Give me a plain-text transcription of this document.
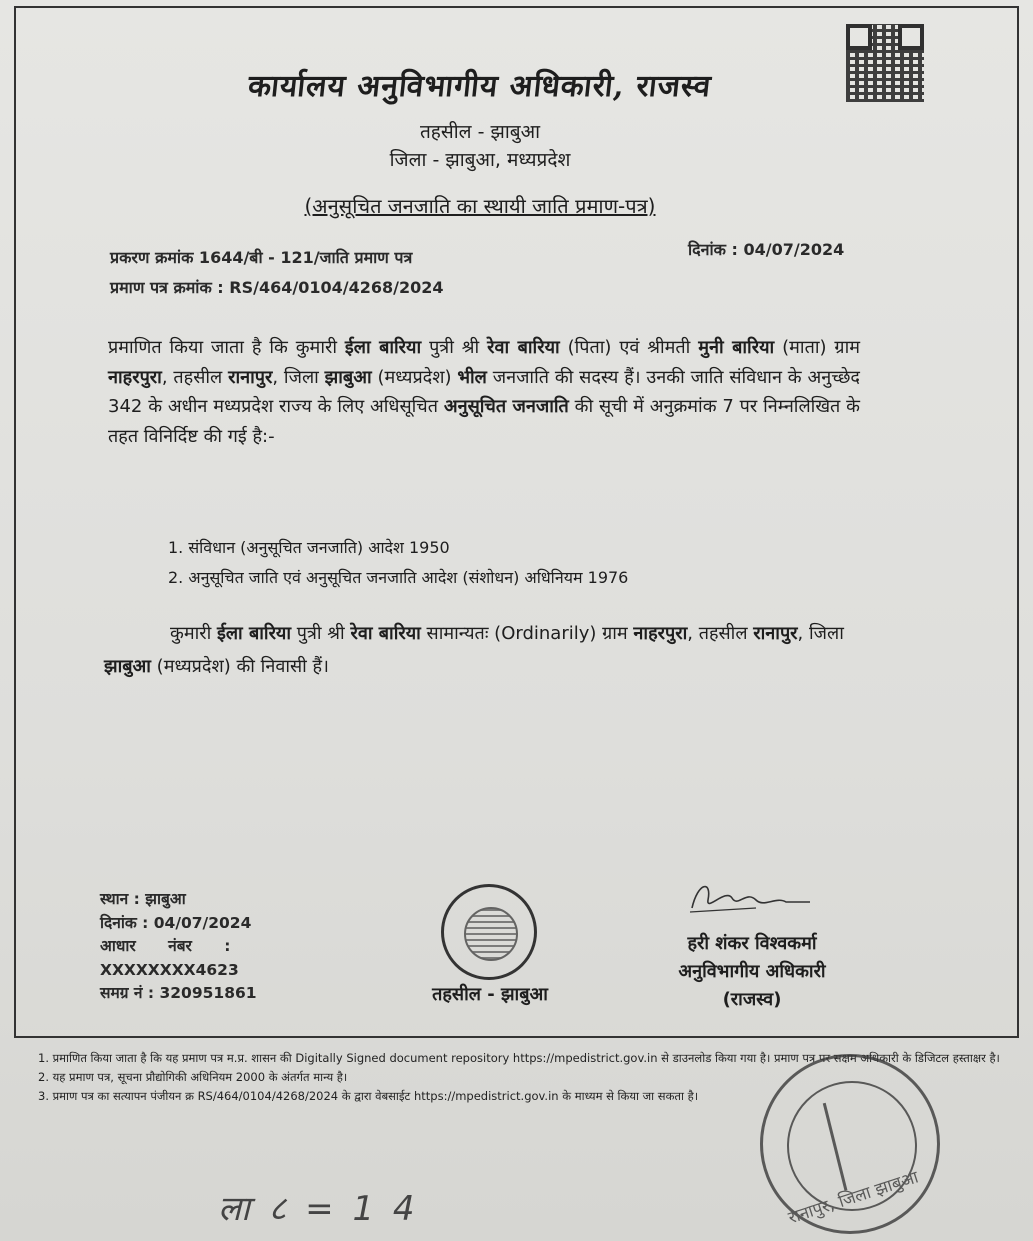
कार्यालय अनुविभागीय अधिकारी, राजस्व
तहसील - झाबुआ
जिला - झाबुआ, मध्यप्रदेश
(अनुसूचित जनजाति का स्थायी जाति प्रमाण-पत्र)
प्रकरण क्रमांक 1644/बी - 121/जाति प्रमाण पत्र
प्रमाण पत्र क्रमांक : RS/464/0104/4268/2024
दिनांक : 04/07/2024
प्रमाणित किया जाता है कि कुमारी ईला बारिया पुत्री श्री रेवा बारिया (पिता) एवं श्रीमती मुनी बारिया (माता) ग्राम नाहरपुरा, तहसील रानापुर, जिला झाबुआ (मध्यप्रदेश) भील जनजाति की सदस्य हैं। उनकी जाति संविधान के अनुच्छेद 342 के अधीन मध्यप्रदेश राज्य के लिए अधिसूचित अनुसूचित जनजाति की सूची में अनुक्रमांक 7 पर निम्नलिखित के तहत विनिर्दिष्ट की गई है:-
1. संविधान (अनुसूचित जनजाति) आदेश 1950
2. अनुसूचित जाति एवं अनुसूचित जनजाति आदेश (संशोधन) अधिनियम 1976
कुमारी ईला बारिया पुत्री श्री रेवा बारिया सामान्यतः (Ordinarily) ग्राम नाहरपुरा, तहसील रानापुर, जिला झाबुआ (मध्यप्रदेश) की निवासी हैं।
स्थान : झाबुआ
दिनांक : 04/07/2024
आधार      नंबर      :
XXXXXXXX4623
समग्र नं : 320951861	तहसील - झाबुआ
हरी शंकर विश्वकर्मा
अनुविभागीय अधिकारी
(राजस्व)
1. प्रमाणित किया जाता है कि यह प्रमाण पत्र म.प्र. शासन की Digitally Signed document repository https://mpedistrict.gov.in से डाउनलोड किया गया है। प्रमाण पत्र पर सक्षम अधिकारी के डिजिटल हस्ताक्षर है।
2. यह प्रमाण पत्र, सूचना प्रौद्योगिकी अधिनियम 2000 के अंतर्गत मान्य है।
3. प्रमाण पत्र का सत्यापन पंजीयन क्र RS/464/0104/4268/2024 के द्वारा वेबसाईट https://mpedistrict.gov.in के माध्यम से किया जा सकता है।
रानापुर, जिला झाबुआ
ला ८ = 1 4
